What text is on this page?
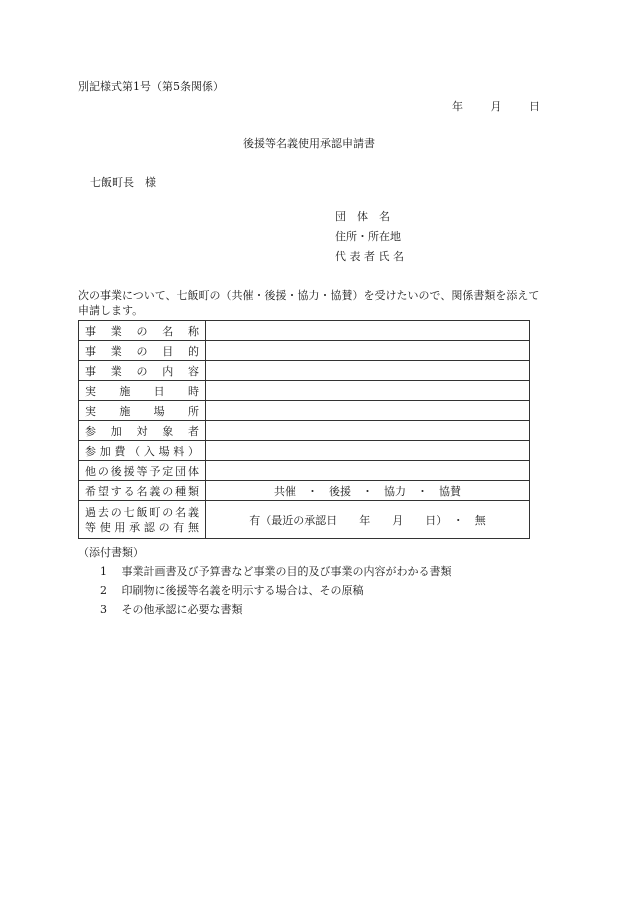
別記様式第1号（第5条関係）
年	月	日
後援等名義使用承認申請書
七飯町長　様
団　体　名
住所・所在地
代 表 者 氏 名
次の事業について、七飯町の（共催・後援・協力・協賛）を受けたいので、関係書類を添えて申請します。
事業の名称	
事業の目的	
事業の内容	
実施日時	
実施場所	
参加対象者	
参加費（入場料）	
他の後援等予定団体	
希望する名義の種類	共催　・　後援　・　協力　・　協賛

過去の七飯町の名義
等使用承認の有無	有（最近の承認日　　年　　月　　日）　・　無
（添付書類）
1 事業計画書及び予算書など事業の目的及び事業の内容がわかる書類
2 印刷物に後援等名義を明示する場合は、その原稿
3 その他承認に必要な書類
